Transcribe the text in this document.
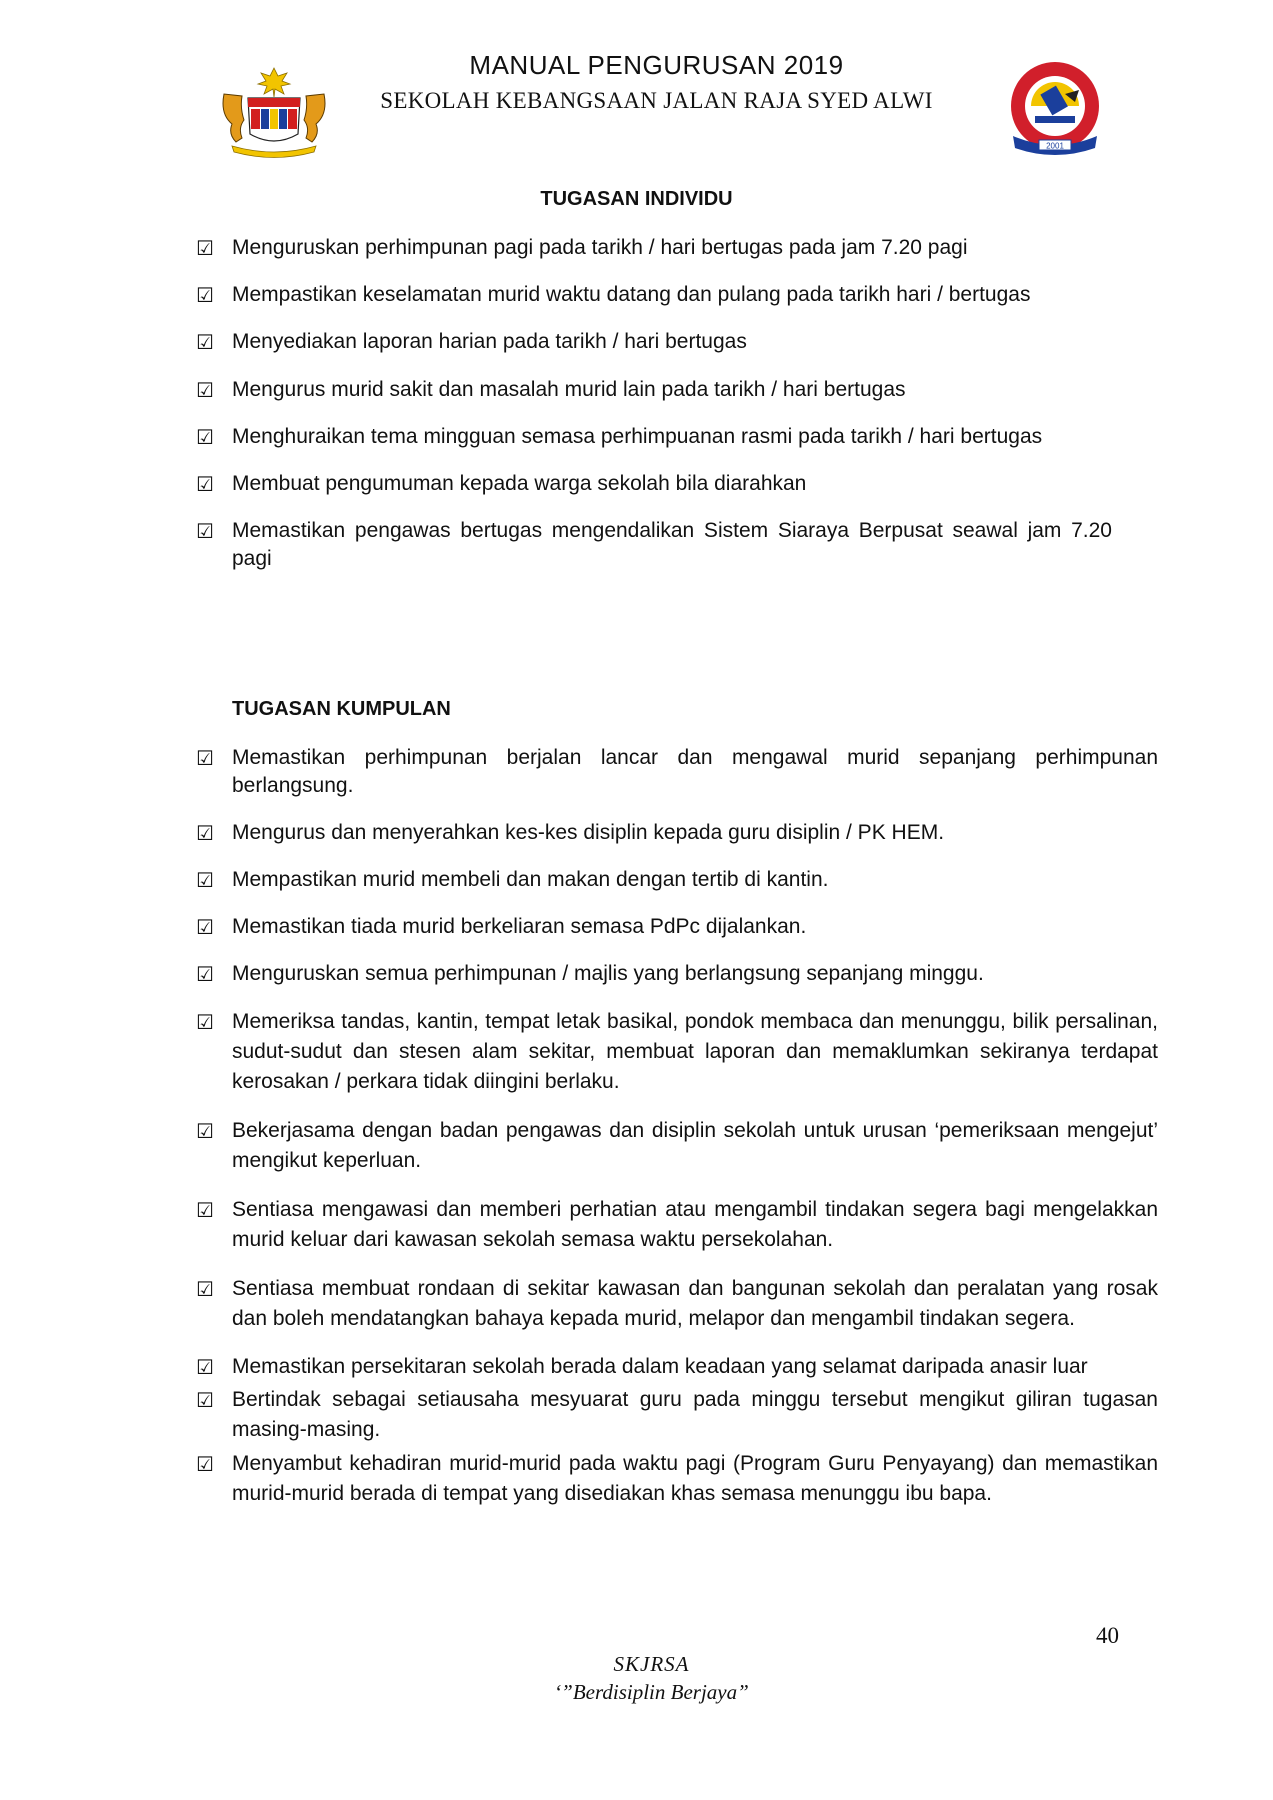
2001
MANUAL PENGURUSAN 2019
SEKOLAH KEBANGSAAN JALAN RAJA SYED ALWI
TUGASAN INDIVIDU
☑ Menguruskan perhimpunan pagi pada tarikh / hari bertugas pada jam 7.20 pagi
☑ Mempastikan keselamatan murid waktu datang dan pulang pada tarikh hari / bertugas
☑ Menyediakan laporan harian pada tarikh / hari bertugas
☑ Mengurus murid sakit dan masalah murid lain pada tarikh / hari bertugas
☑ Menghuraikan tema mingguan semasa perhimpuanan rasmi pada tarikh / hari bertugas
☑ Membuat pengumuman kepada warga sekolah bila diarahkan
☑ Memastikan pengawas bertugas mengendalikan Sistem Siaraya Berpusat seawal jam 7.20 pagi
TUGASAN KUMPULAN
☑ Memastikan perhimpunan berjalan lancar dan mengawal murid sepanjang perhimpunan berlangsung.
☑ Mengurus dan menyerahkan kes-kes disiplin kepada guru disiplin / PK HEM.
☑ Mempastikan murid membeli dan makan dengan tertib di kantin.
☑ Memastikan tiada murid berkeliaran semasa PdPc dijalankan.
☑ Menguruskan semua perhimpunan / majlis yang berlangsung sepanjang minggu.
☑ Memeriksa tandas, kantin, tempat letak basikal, pondok membaca dan menunggu, bilik persalinan, sudut-sudut dan stesen alam sekitar, membuat laporan dan memaklumkan sekiranya terdapat kerosakan / perkara tidak diingini berlaku.
☑ Bekerjasama dengan badan pengawas dan disiplin sekolah untuk urusan ‘pemeriksaan mengejut’ mengikut keperluan.
☑ Sentiasa mengawasi dan memberi perhatian atau mengambil tindakan segera bagi mengelakkan murid keluar dari kawasan sekolah semasa waktu persekolahan.
☑ Sentiasa membuat rondaan di sekitar kawasan dan bangunan sekolah dan peralatan yang rosak dan boleh mendatangkan bahaya kepada murid, melapor dan mengambil tindakan segera.
☑ Memastikan persekitaran sekolah berada dalam keadaan yang selamat daripada anasir luar
☑ Bertindak sebagai setiausaha mesyuarat guru pada minggu tersebut mengikut giliran tugasan masing-masing.
☑ Menyambut kehadiran murid-murid pada waktu pagi (Program Guru Penyayang) dan memastikan murid-murid berada di tempat yang disediakan khas semasa menunggu ibu bapa.
40
SKJRSA
‘”Berdisiplin Berjaya”
